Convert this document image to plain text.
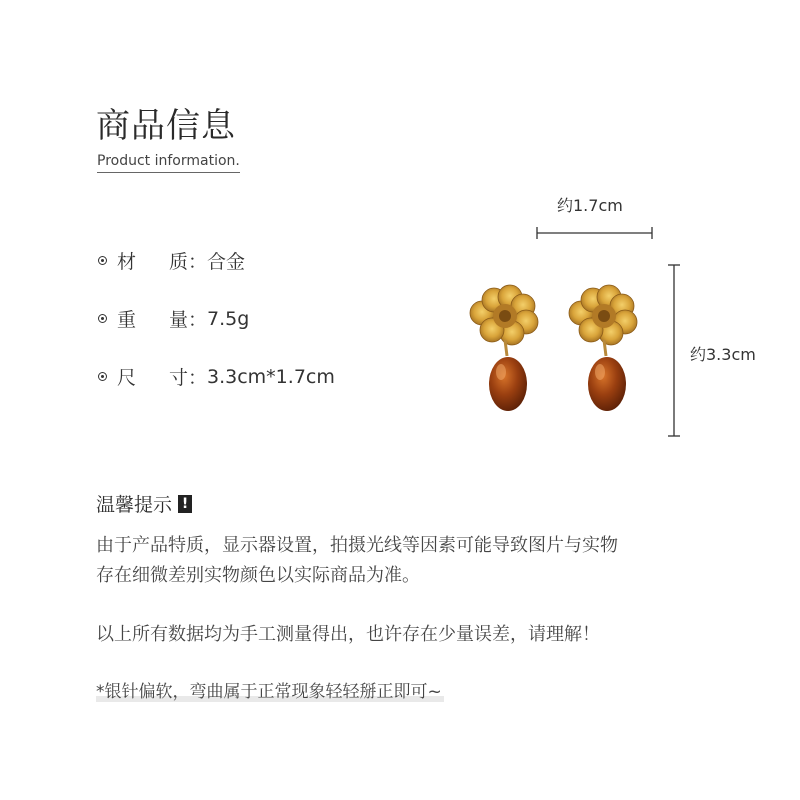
商品信息
Product information.
材	质： 合金
重	量： 7.5g
尺	寸： 3.3cm*1.7cm
约1.7cm
约3.3cm
温馨提示 !
由于产品特质，显示器设置，拍摄光线等因素可能导致图片与实物
存在细微差别实物颜色以实际商品为准。
以上所有数据均为手工测量得出，也许存在少量误差，请理解！
*银针偏软，弯曲属于正常现象轻轻掰正即可~
